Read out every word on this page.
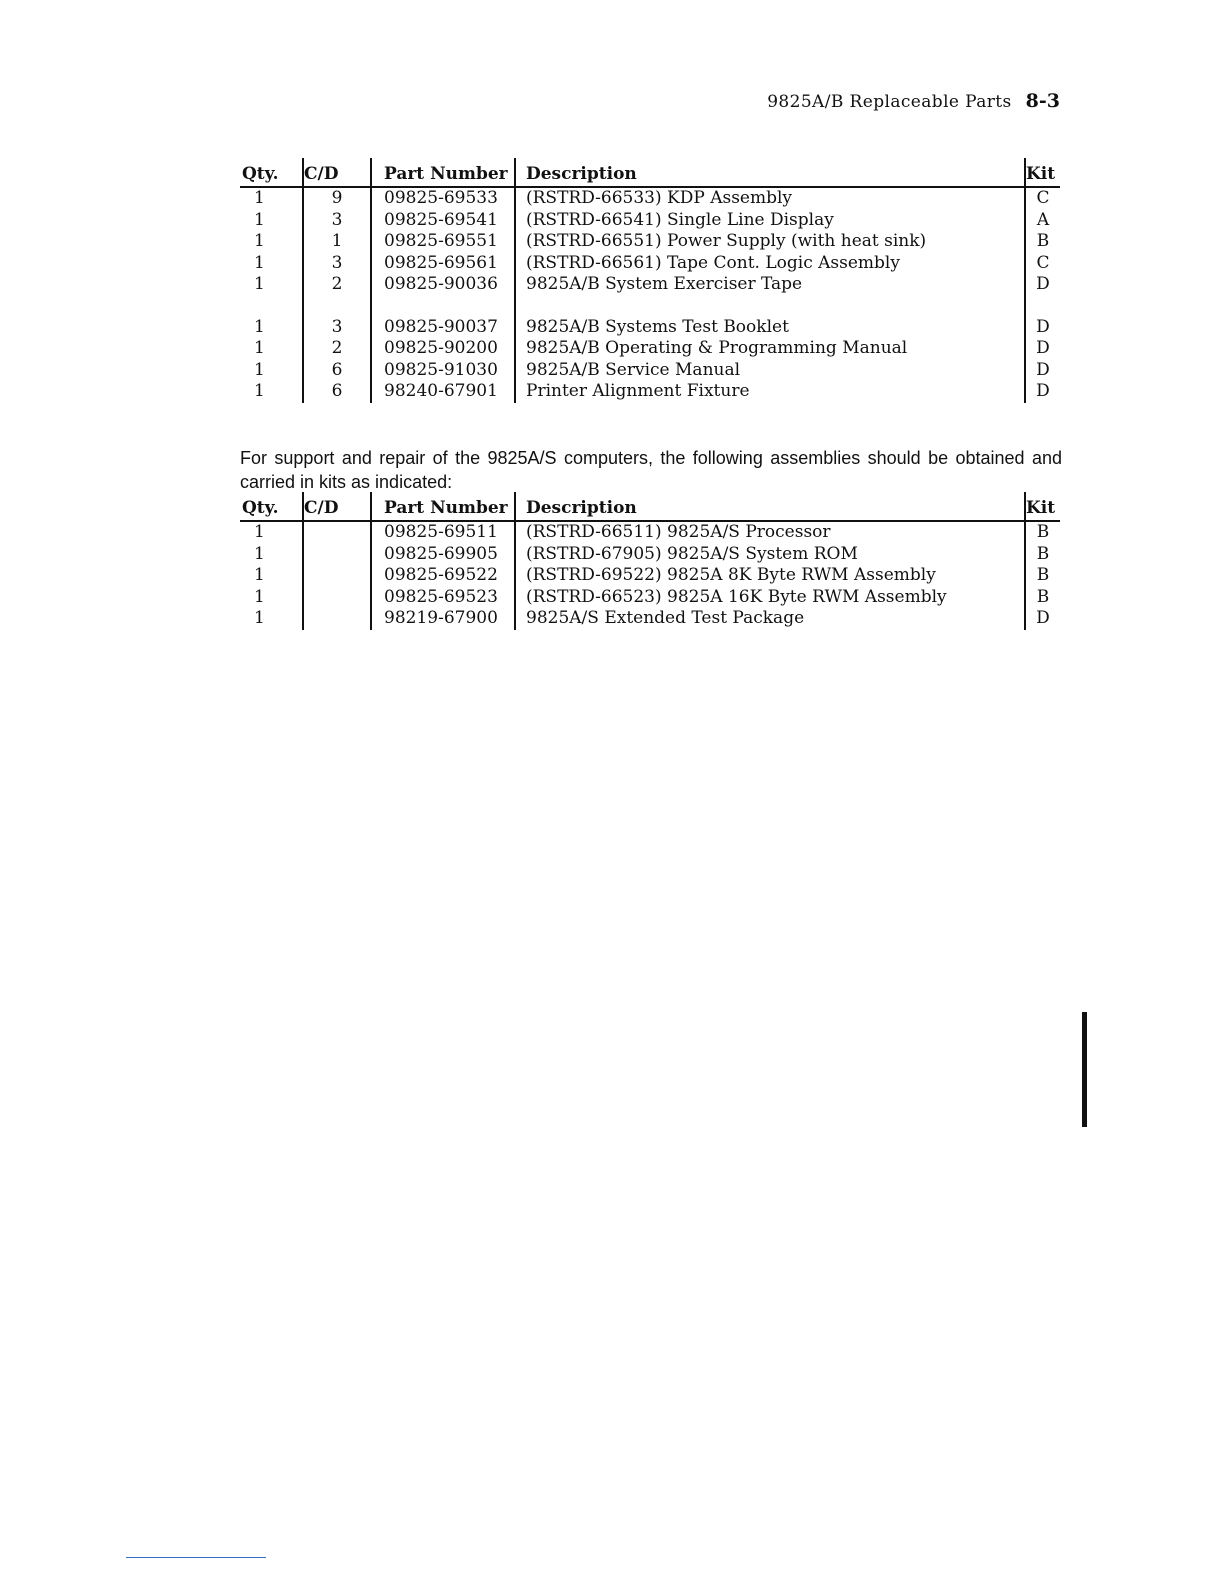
9825A/B Replaceable Parts 8-3
Qty.	C/D	Part Number	Description	Kit
1	9	09825-69533	(RSTRD-66533) KDP Assembly	C
1	3	09825-69541	(RSTRD-66541) Single Line Display	A
1	1	09825-69551	(RSTRD-66551) Power Supply (with heat sink)	B
1	3	09825-69561	(RSTRD-66561) Tape Cont. Logic Assembly	C
1	2	09825-90036	9825A/B System Exerciser Tape	D

1	3	09825-90037	9825A/B Systems Test Booklet	D
1	2	09825-90200	9825A/B Operating & Programming Manual	D
1	6	09825-91030	9825A/B Service Manual	D
1	6	98240-67901	Printer Alignment Fixture	D

For support and repair of the 9825A/S computers, the following assemblies should be obtained and carried in kits as indicated:

Qty.	C/D	Part Number	Description	Kit
1		09825-69511	(RSTRD-66511) 9825A/S Processor	B
1		09825-69905	(RSTRD-67905) 9825A/S System ROM	B
1		09825-69522	(RSTRD-69522) 9825A 8K Byte RWM Assembly	B
1		09825-69523	(RSTRD-66523) 9825A 16K Byte RWM Assembly	B
1		98219-67900	9825A/S Extended Test Package	D
